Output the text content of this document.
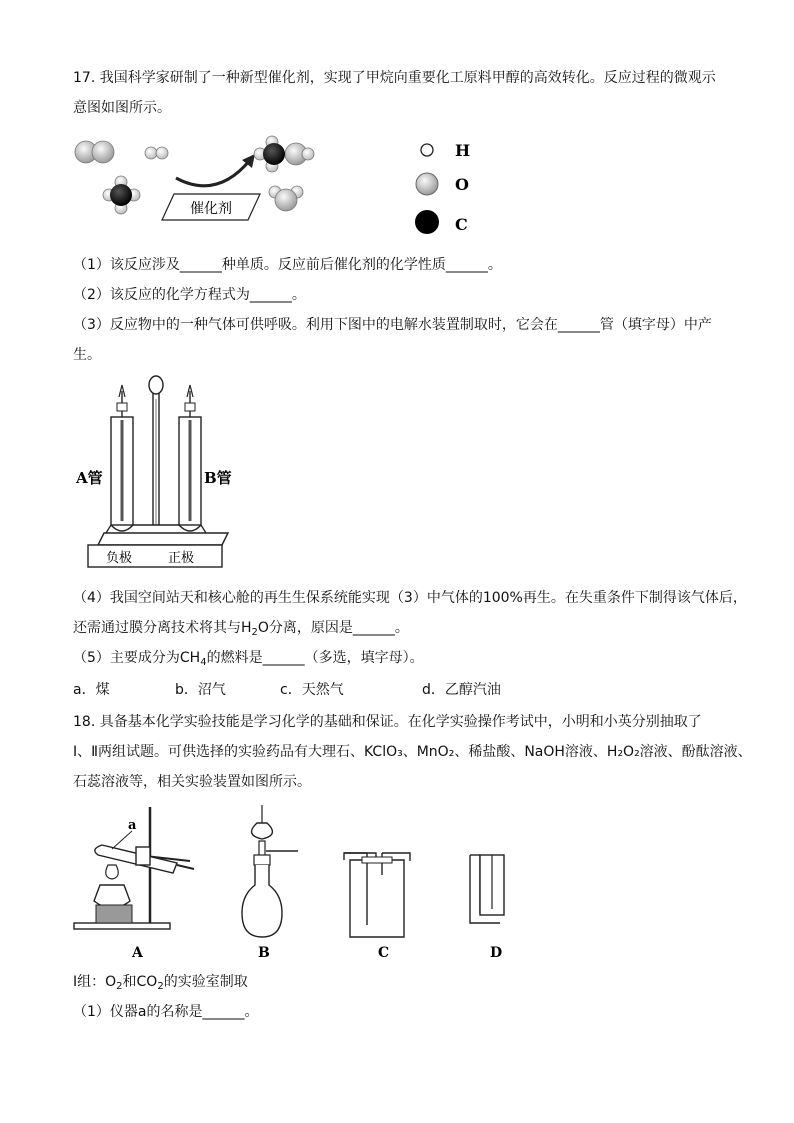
17. 我国科学家研制了一种新型催化剂，实现了甲烷向重要化工原料甲醇的高效转化。反应过程的微观示
意图如图所示。
催化剂
H
O
C
（1）该反应涉及______种单质。反应前后催化剂的化学性质______。
（2）该反应的化学方程式为______。
（3）反应物中的一种气体可供呼吸。利用下图中的电解水装置制取时，它会在______管（填字母）中产
生。
负极	正极
A管	B管
（4）我国空间站天和核心舱的再生生保系统能实现（3）中气体的100%再生。在失重条件下制得该气体后，
还需通过膜分离技术将其与$H_2O$分离，原因是______。
（5）主要成分为$CH_4$的燃料是______（多选，填字母）。
a．煤	b．沼气	c．天然气	d．乙醇汽油
18. 具备基本化学实验技能是学习化学的基础和保证。在化学实验操作考试中，小明和小英分别抽取了
Ⅰ、Ⅱ两组试题。可供选择的实验药品有大理石、KClO₃、MnO₂、稀盐酸、NaOH溶液、H₂O₂溶液、酚酞溶液、
石蕊溶液等，相关实验装置如图所示。
a
A	B	C	D
Ⅰ组：$O_2$和$CO_2$的实验室制取
（1）仪器a的名称是______。
